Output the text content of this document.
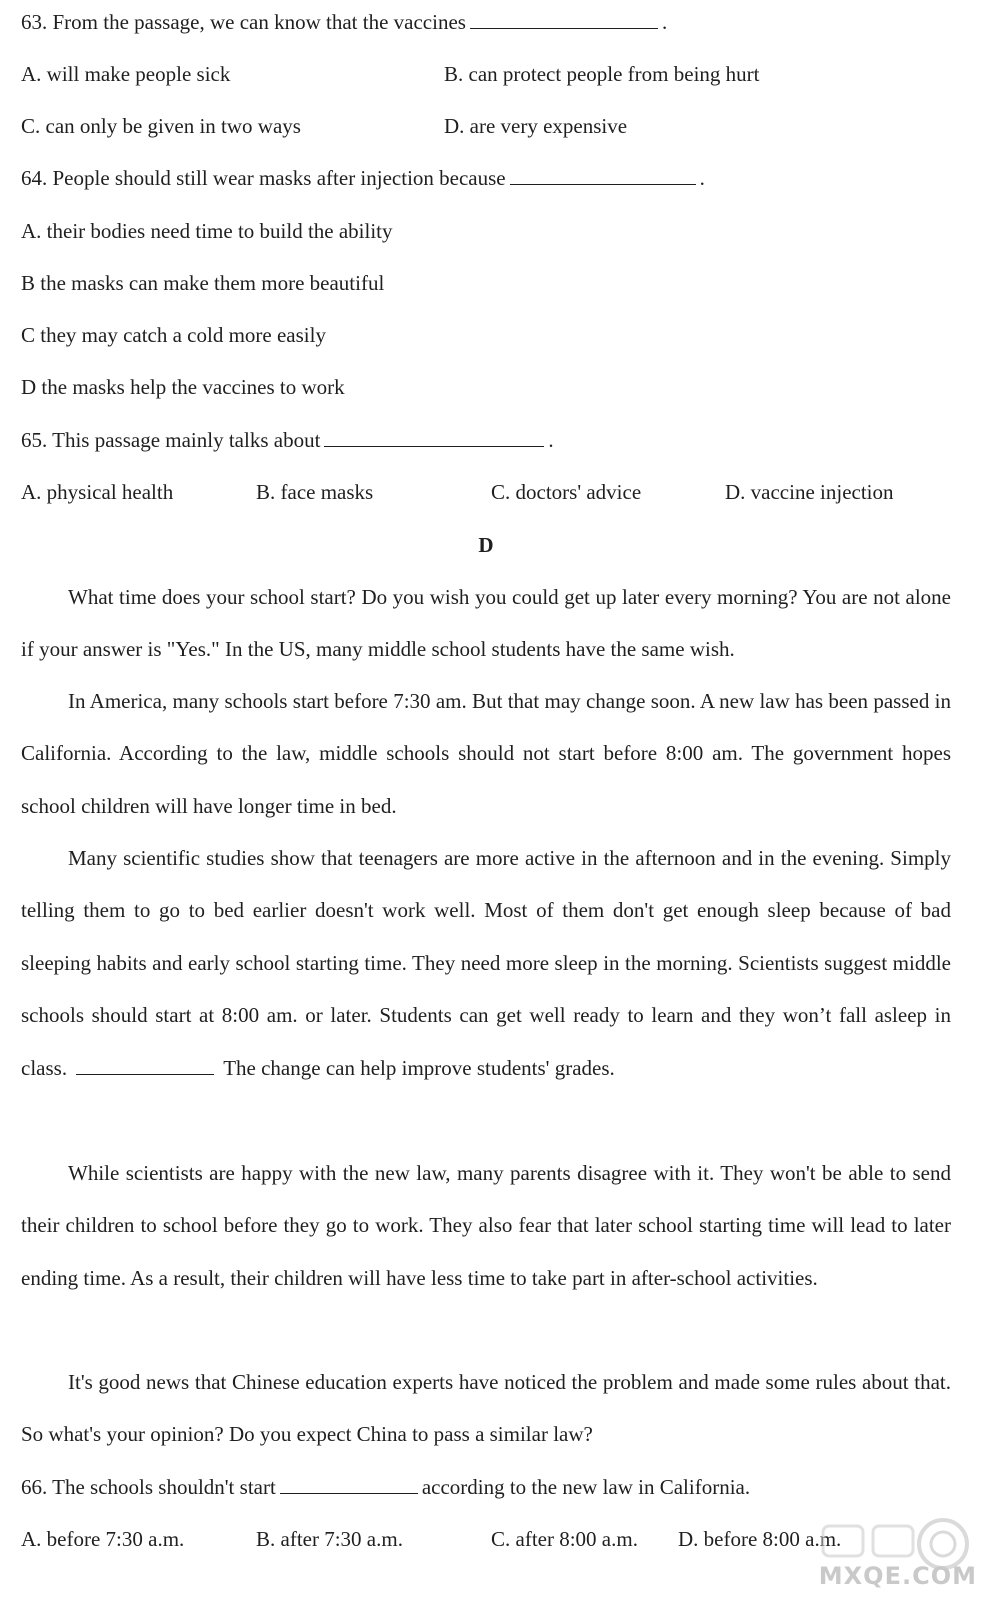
63. From the passage, we can know that the vaccines	.
A. will make people sick	B. can protect people from being hurt
C. can only be given in two ways	D. are very expensive
64. People should still wear masks after injection because	.
A. their bodies need time to build the ability
B the masks can make them more beautiful
C they may catch a cold more easily
D the masks help the vaccines to work
65. This passage mainly talks about	.
A. physical health	B. face masks	C. doctors' advice	D. vaccine injection
D
What time does your school start? Do you wish you could get up later every morning? You are not alone if your answer is "Yes." In the US, many middle school students have the same wish.
In America, many schools start before 7:30 am. But that may change soon. A new law has been passed in California. According to the law, middle schools should not start before 8:00 am. The government hopes school children will have longer time in bed.
Many scientific studies show that teenagers are more active in the afternoon and in the evening. Simply telling them to go to bed earlier doesn't work well. Most of them don't get enough sleep because of bad sleeping habits and early school starting time. They need more sleep in the morning. Scientists suggest middle schools should start at 8:00 am. or later. Students can get well ready to learn and they won’t fall asleep in class.	The change can help improve students' grades.
While scientists are happy with the new law, many parents disagree with it. They won't be able to send their children to school before they go to work. They also fear that later school starting time will lead to later ending time. As a result, their children will have less time to take part in after-school activities.
It's good news that Chinese education experts have noticed the problem and made some rules about that. So what's your opinion? Do you expect China to pass a similar law?
66. The schools shouldn't start	according to the new law in California.
A. before 7:30 a.m.	B. after 7:30 a.m.	C. after 8:00 a.m. D. before 8:00 a.m.
MXQE.COM
